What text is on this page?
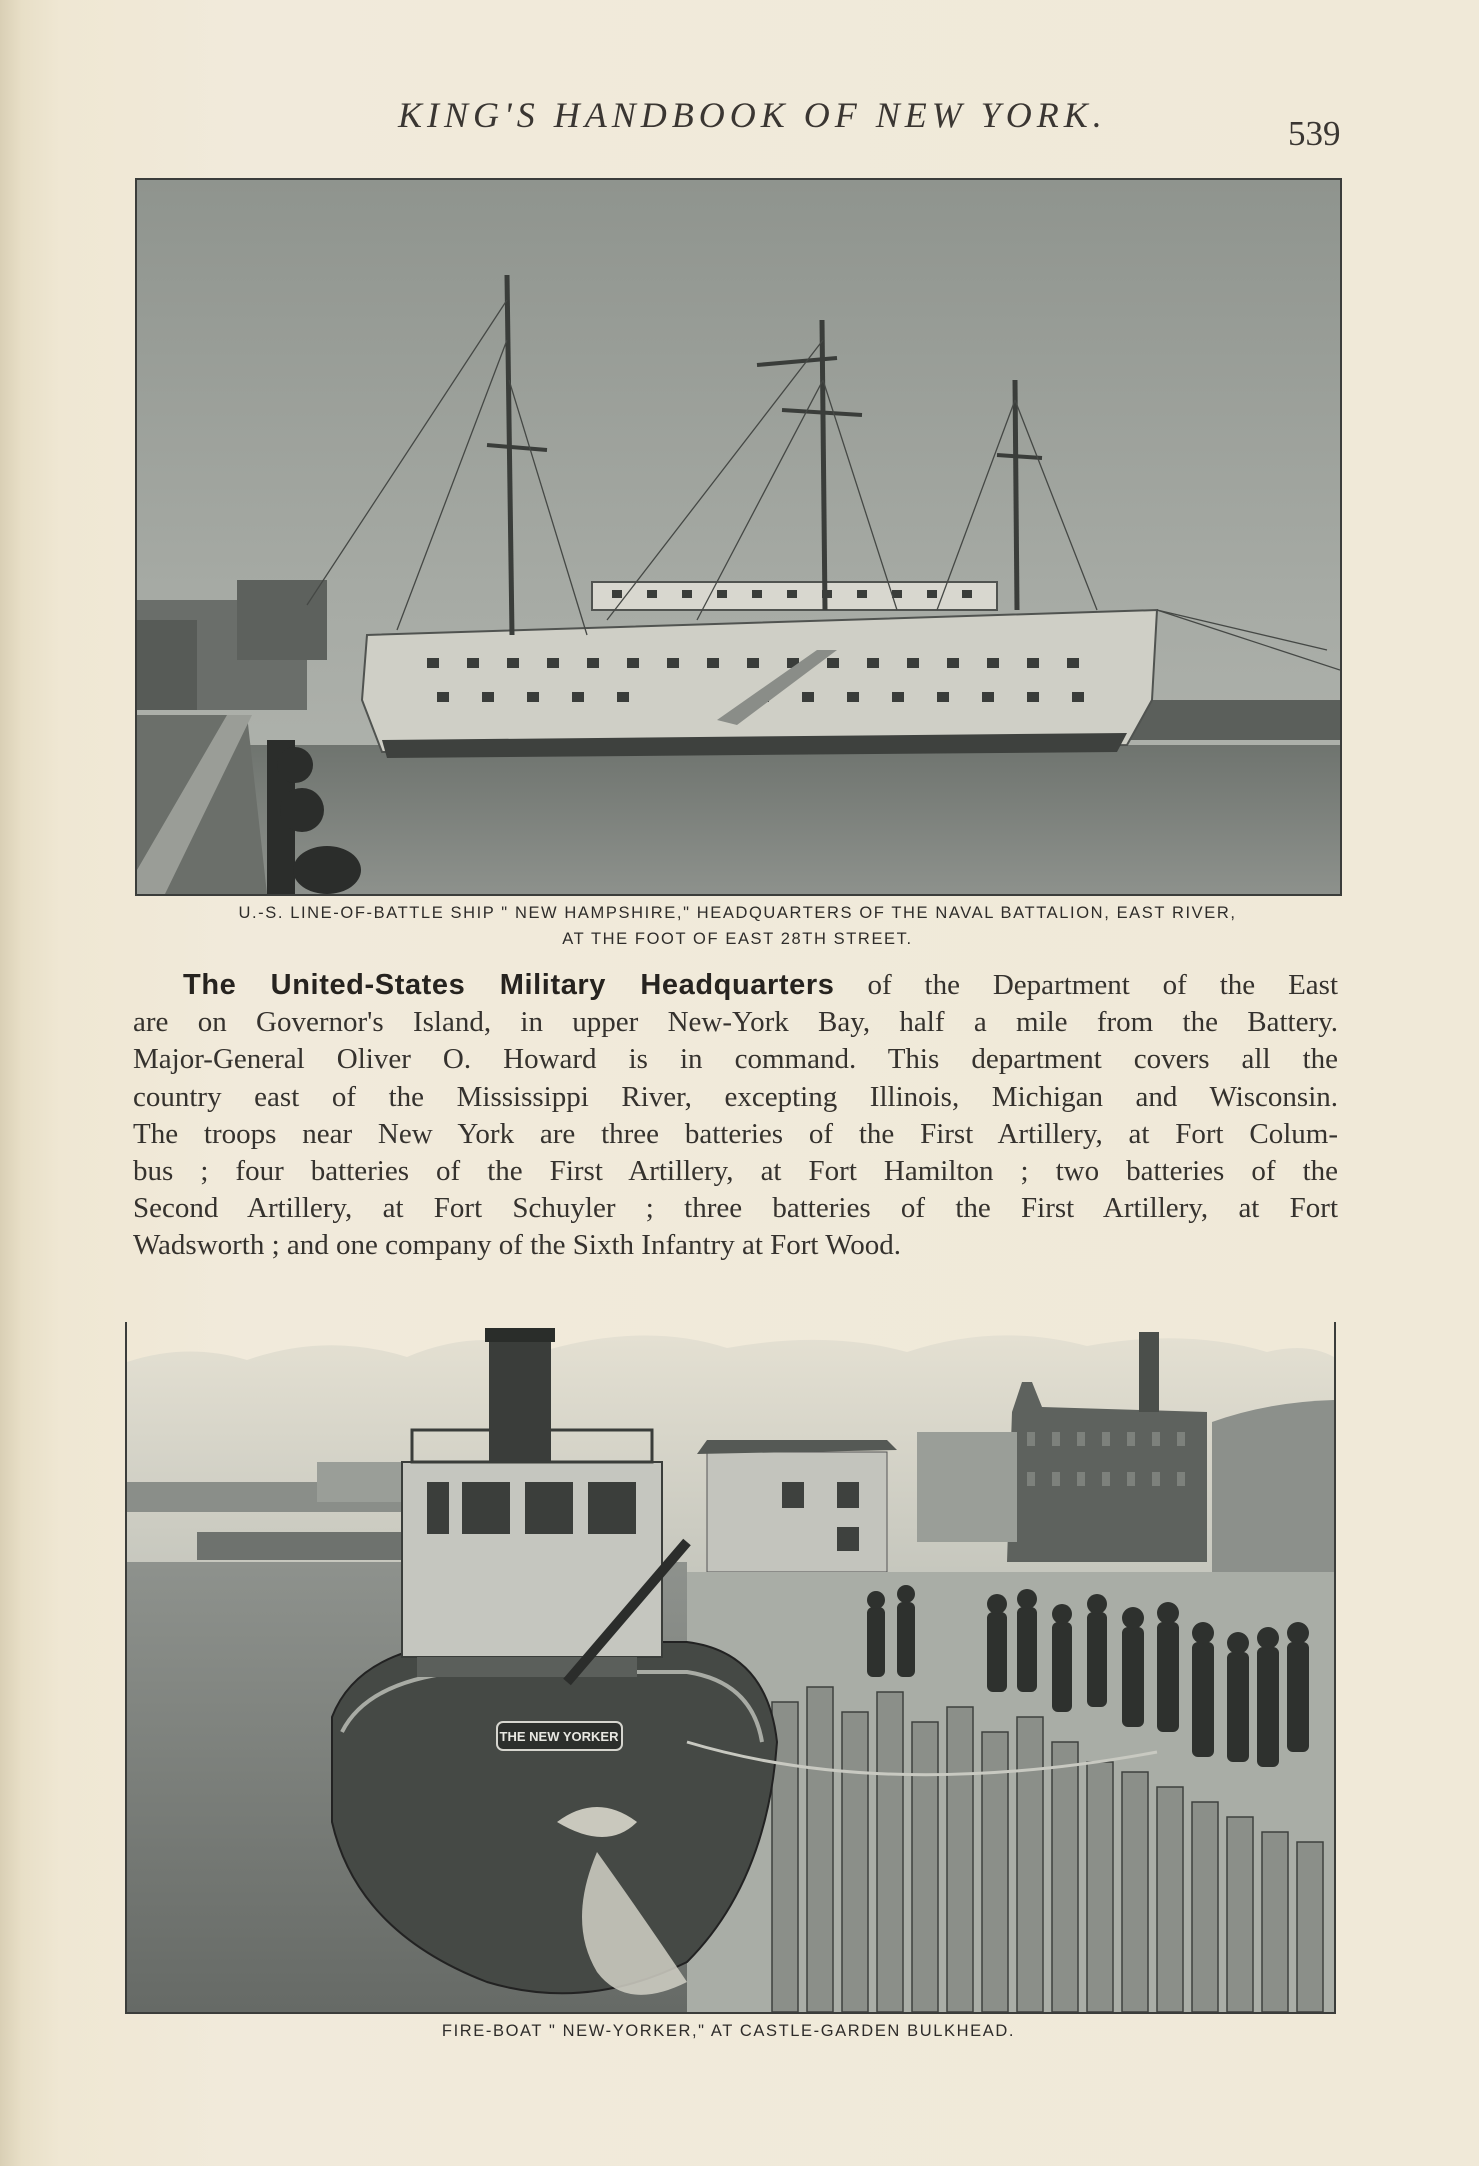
KING'S HANDBOOK OF NEW YORK.	539
U.-S. LINE-OF-BATTLE SHIP " NEW HAMPSHIRE," HEADQUARTERS OF THE NAVAL BATTALION, EAST RIVER,
AT THE FOOT OF EAST 28TH STREET.
The United-States Military Headquarters of the Department of the East
are on Governor's Island, in upper New-York Bay, half a mile from the Battery.
Major-General Oliver O. Howard is in command. This department covers all the
country east of the Mississippi River, excepting Illinois, Michigan and Wisconsin.
The troops near New York are three batteries of the First Artillery, at Fort Colum-
bus ; four batteries of the First Artillery, at Fort Hamilton ; two batteries of the
Second Artillery, at Fort Schuyler ; three batteries of the First Artillery, at Fort
Wadsworth ; and one company of the Sixth Infantry at Fort Wood.
THE NEW YORKER
FIRE-BOAT " NEW-YORKER," AT CASTLE-GARDEN BULKHEAD.
